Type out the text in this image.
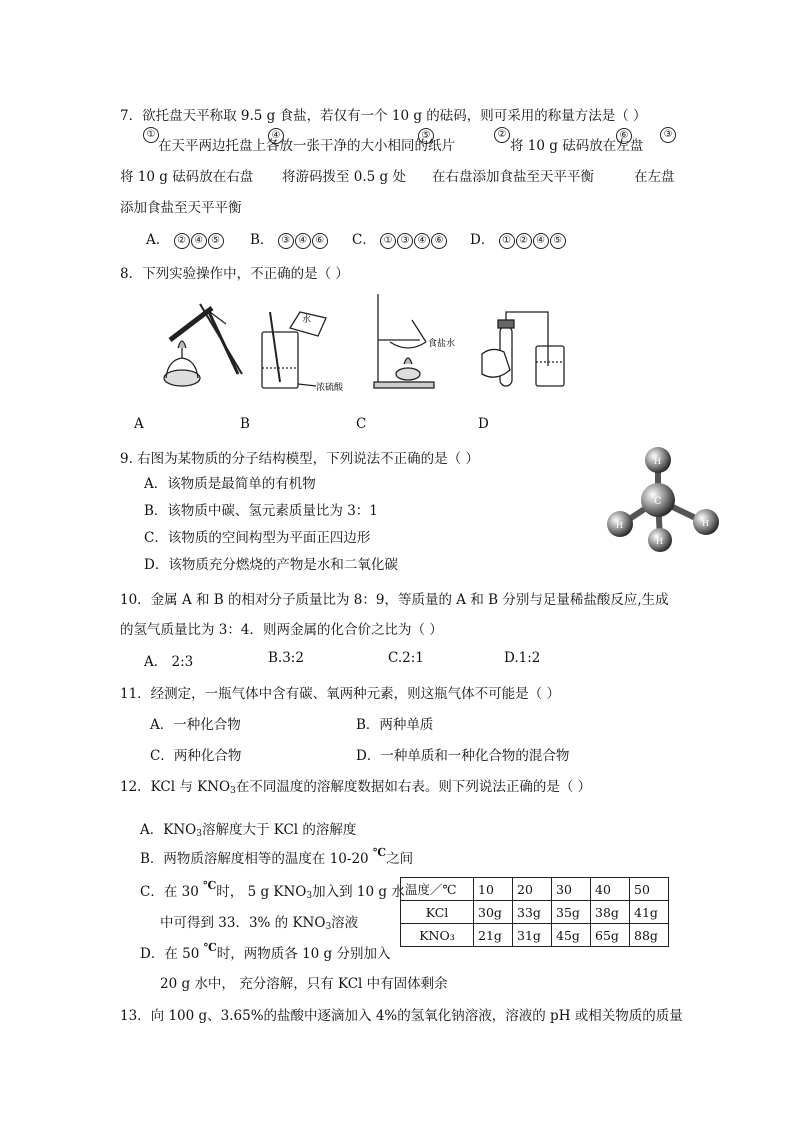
7．欲托盘天平称取 9.5 g 食盐，若仅有一个 10 g 的砝码，则可采用的称量方法是（ ）
①
在天平两边托盘上各放一张干净的大小相同的纸片
④	⑤	②
将 10 g 砝码放在左盘
⑥	③
将 10 g 砝码放在右盘 将游码拨至 0.5 g 处 在右盘添加食盐至天平平衡	在左盘
添加食盐至天平平衡
A． ② ④ ⑤ B． ③ ④ ⑥ C． ① ③ ④ ⑥ D． ① ② ④ ⑤
8．下列实验操作中，不正确的是（ ）
水
浓硫酸
食盐水
A	B	C	D
9. 右图为某物质的分子结构模型，下列说法不正确的是（ ）
A．该物质是最简单的有机物
B．该物质中碳、氢元素质量比为 3：1
C．该物质的空间构型为平面正四边形
D．该物质充分燃烧的产物是水和二氧化碳
C
H
H	H
H
10．金属 A 和 B 的相对分子质量比为 8：9，等质量的 A 和 B 分别与足量稀盐酸反应,生成
的氢气质量比为 3：4．则两金属的化合价之比为（ ）
A． 2:3	B.3:2	C.2:1	D.1:2
11．经测定，一瓶气体中含有碳、氧两种元素，则这瓶气体不可能是（ ）
A．一种化合物	B．两种单质
C．两种化合物	D．一种单质和一种化合物的混合物
12．KCl 与 $KNO_3$在不同温度的溶解度数据如右表。则下列说法正确的是（ ）
A．$KNO_3$溶解度大于 KCl 的溶解度
B．两物质溶解度相等的温度在 10-20 ℃之间
C．在 30 ℃时， 5 g $KNO_3$加入到 10 g 水
中可得到 33．3% 的 $KNO_3$溶液
D．在 50 ℃时，两物质各 10 g 分别加入
20 g 水中， 充分溶解，只有 KCl 中有固体剩余
温度／℃	10	20	30	40	50
KCl	30g	33g	35g	38g	41g
KNO₃	21g	31g	45g	65g	88g
13．向 100 g、3.65%的盐酸中逐滴加入 4%的氢氧化钠溶液，溶液的 pH 或相关物质的质量
